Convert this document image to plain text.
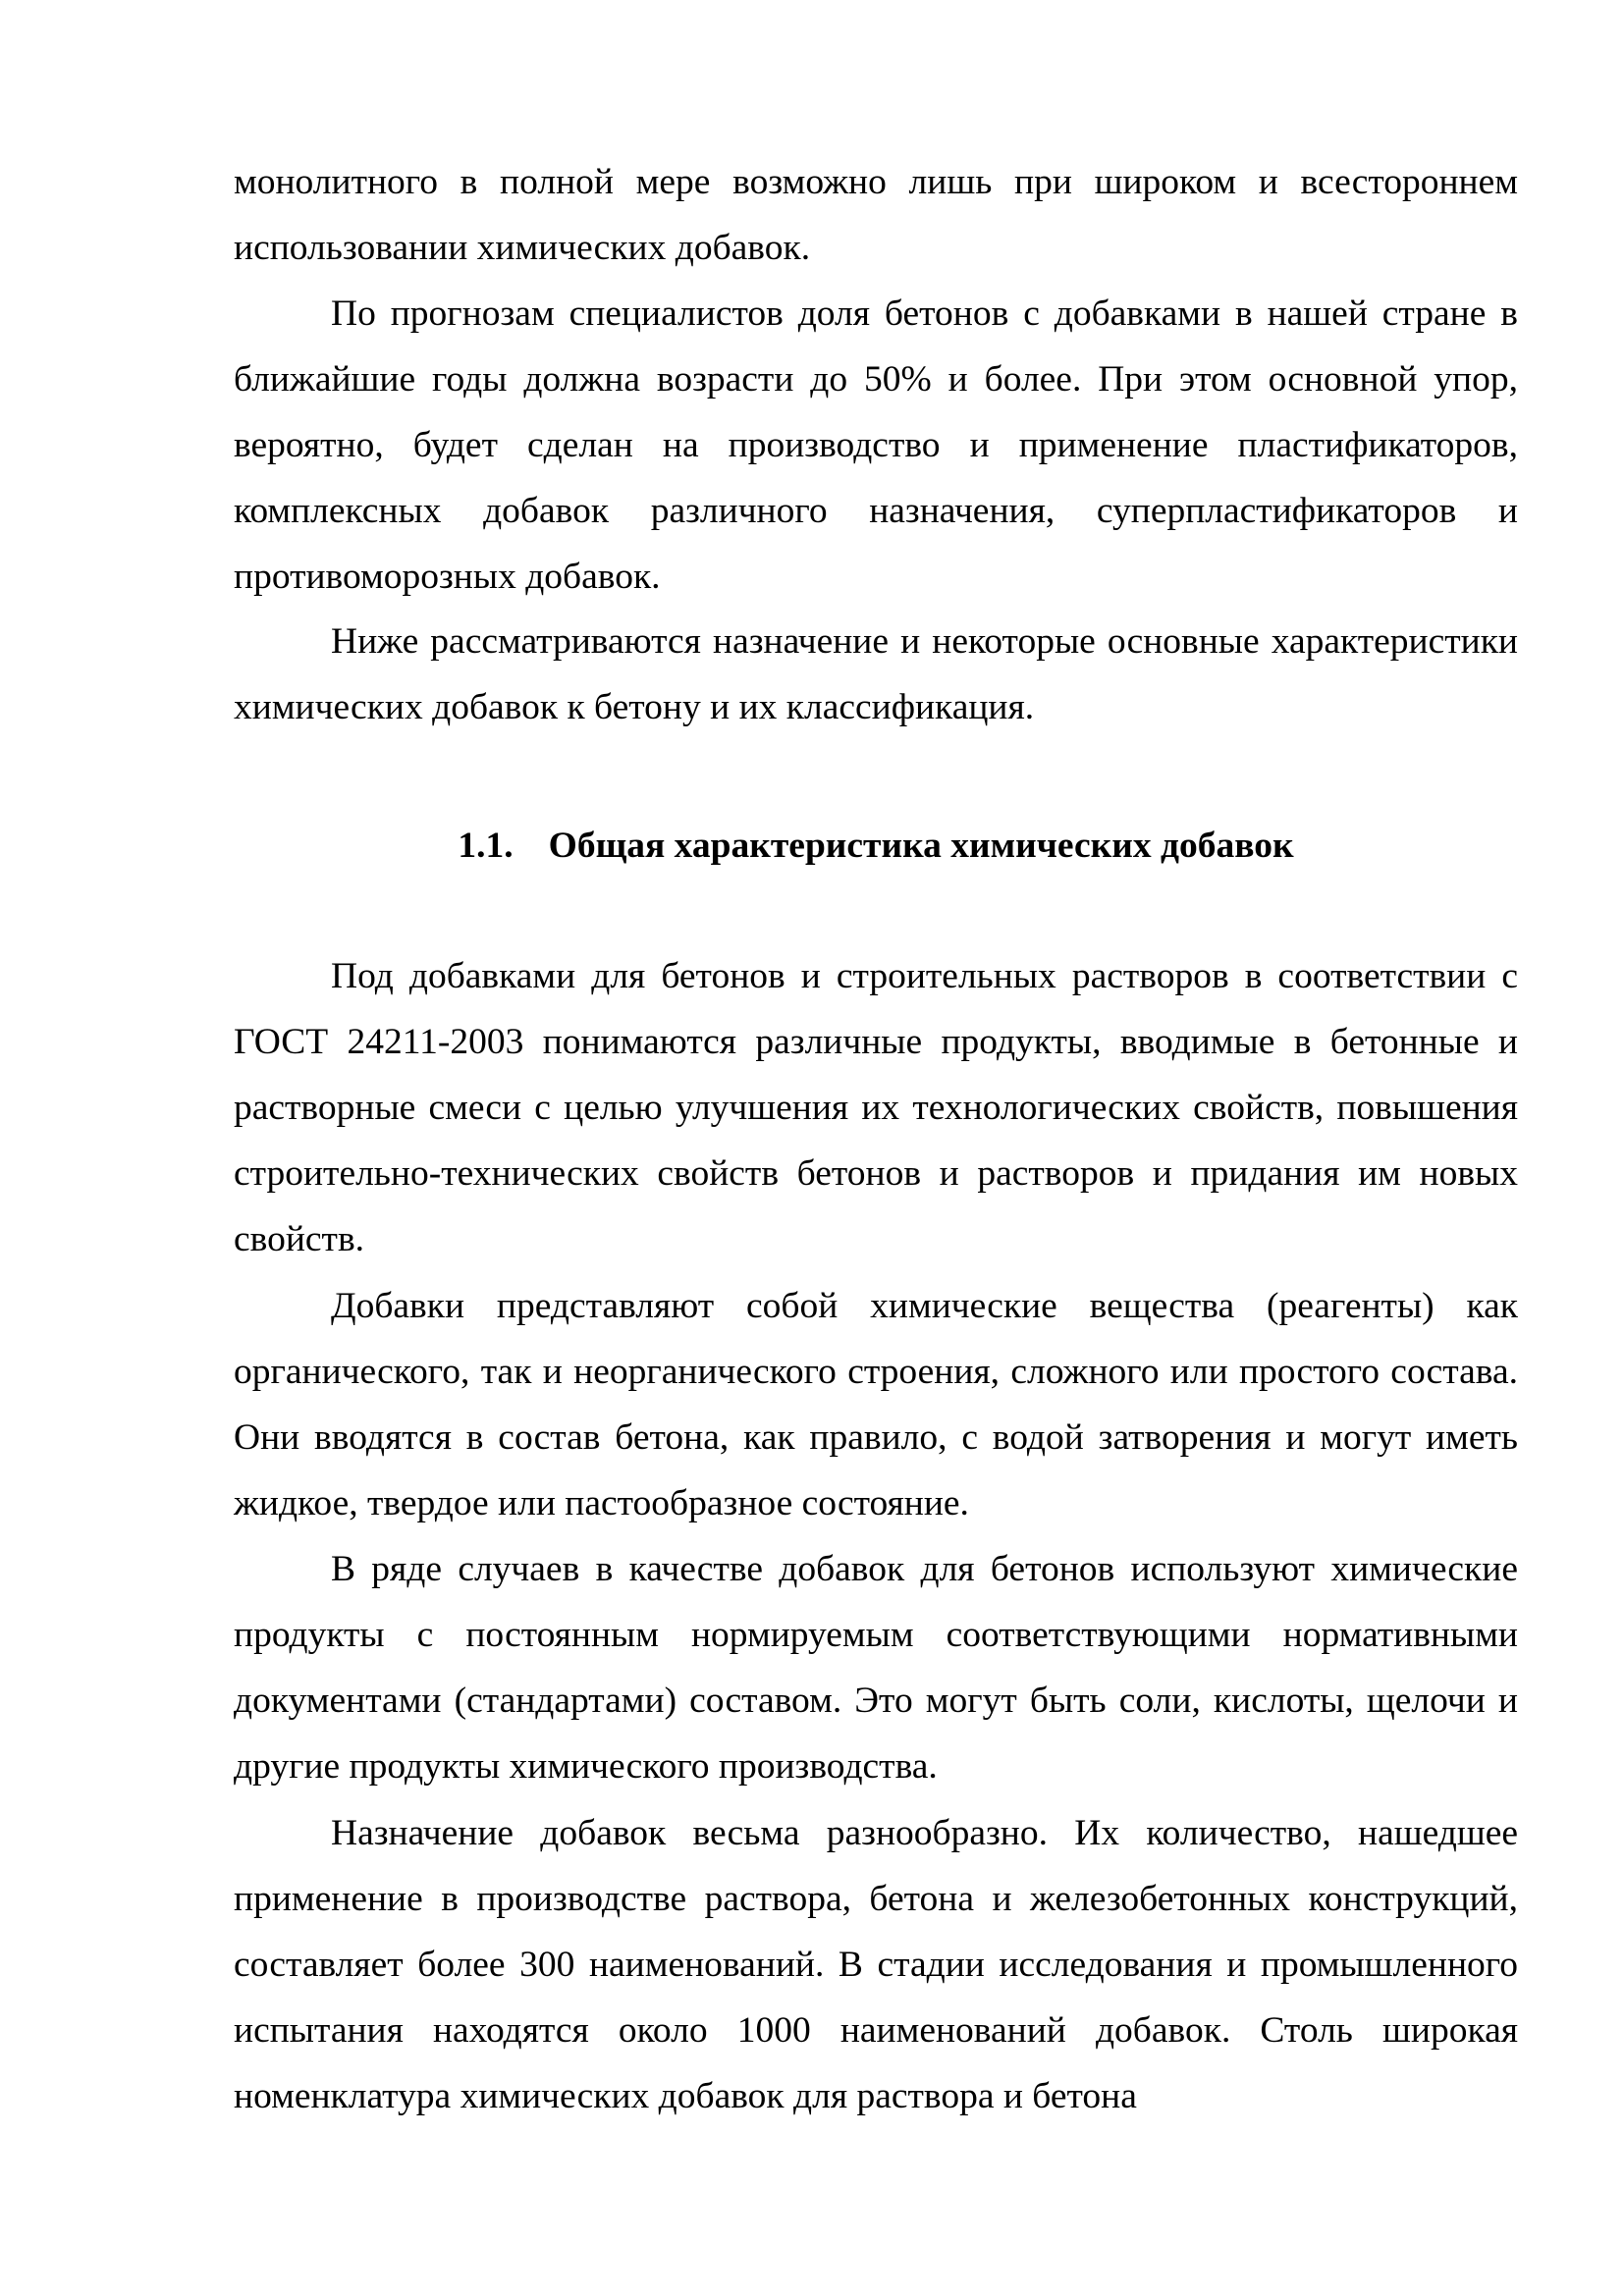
монолитного в полной мере возможно лишь при широком и всестороннем использовании химических добавок.

По прогнозам специалистов доля бетонов с добавками в нашей стране в ближайшие годы должна возрасти до 50% и более. При этом основной упор, вероятно, будет сделан на производство и применение пластификаторов, комплексных добавок различного назначения, суперпластификаторов и противоморозных добавок.

Ниже рассматриваются назначение и некоторые основные характеристики химических добавок к бетону и их классификация.

1.1. Общая характеристика химических добавок

Под добавками для бетонов и строительных растворов в соответствии с ГОСТ 24211-2003 понимаются различные продукты, вводимые в бетонные и растворные смеси с целью улучшения их технологических свойств, повышения строительно-технических свойств бетонов и растворов и придания им новых свойств.

Добавки представляют собой химические вещества (реагенты) как органического, так и неорганического строения, сложного или простого состава. Они вводятся в состав бетона, как правило, с водой затворения и могут иметь жидкое, твердое или пастообразное состояние.

В ряде случаев в качестве добавок для бетонов используют химические продукты с постоянным нормируемым соответствующими нормативными документами (стандартами) составом. Это могут быть соли, кислоты, щелочи и другие продукты химического производства.

Назначение добавок весьма разнообразно. Их количество, нашедшее применение в производстве раствора, бетона и железобетонных конструкций, составляет более 300 наименований. В стадии исследования и промышленного испытания находятся около 1000 наименований добавок. Столь широкая номенклатура химических добавок для раствора и бетона
